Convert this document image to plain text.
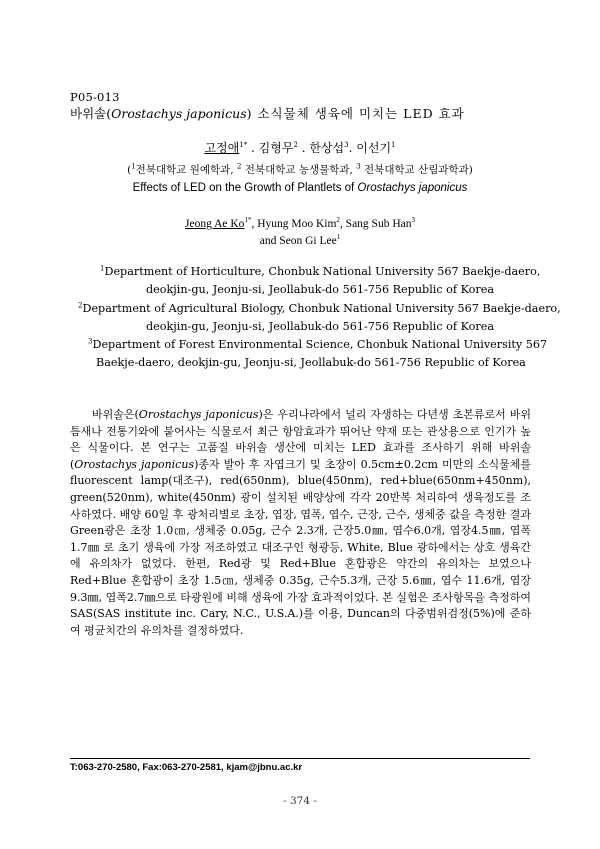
P05-013
바위솔(Orostachys japonicus) 소식물체 생육에 미치는 LED 효과
고정애$^{1*}$ . 김형무$^2$ . 한상섭$^3$. 이선기$^1$
($^1$전북대학교 원예학과, $^2$ 전북대학교 농생물학과, $^3$ 전북대학교 산림과학과)
Effects of LED on the Growth of Plantlets of Orostachys japonicus
Jeong Ae $Ko^{1*}$, Hyung Moo Kim$^2$, Sang Sub Han$^3$
and Seon Gi Lee$^1$
$^1$Department of Horticulture, Chonbuk National University 567 Baekje-daero,
deokjin-gu, Jeonju-si, Jeollabuk-do 561-756 Republic of Korea
$^2$Department of Agricultural Biology, Chonbuk National University 567 Baekje-daero,
deokjin-gu, Jeonju-si, Jeollabuk-do 561-756 Republic of Korea
$^3$Department of Forest Environmental Science, Chonbuk National University 567
Baekje-daero, deokjin-gu, Jeonju-si, Jeollabuk-do 561-756 Republic of Korea

바위솔은(Orostachys japonicus)은 우리나라에서 널리 자생하는 다년생 초본류로서 바위틈새나 전통기와에 붙어사는 식물로서 최근 항암효과가 뛰어난 약재 또는 관상용으로 인기가 높은 식물이다. 본 연구는 고품질 바위솔 생산에 미치는 LED 효과를 조사하기 위해 바위솔(Orostachys japonicus)종자 발아 후 자엽크기 및 초장이 0.5cm±0.2cm 미만의 소식물체를 fluorescent lamp(대조구), red(650nm), blue(450nm), red+blue(650nm+450nm), green(520nm), white(450nm) 광이 설치된 배양상에 각각 20반복 처리하여 생육정도를 조사하였다. 배양 60일 후 광처리별로 초장, 엽장, 엽폭, 엽수, 근장, 근수, 생체중 값을 측정한 결과 Green광은 초장 1.0㎝, 생체중 0.05g, 근수 2.3개, 근장5.0㎜, 엽수6.0개, 엽장4.5㎜, 엽폭1.7㎜ 로 초기 생육에 가장 저조하였고 대조구인 형광등, White, Blue 광하에서는 상호 생육간에 유의차가 없었다. 한편, Red광 및 Red+Blue 혼합광은 약간의 유의차는 보였으나 Red+Blue 혼합광이 초장 1.5㎝, 생체중 0.35g, 근수5.3개, 근장 5.6㎜, 엽수 11.6개, 엽장 9.3㎜, 엽폭2.7㎜으로 타광원에 비해 생육에 가장 효과적이었다. 본 실험은 조사항목을 측정하여 SAS(SAS institute inc. Cary, N.C., U.S.A.)를 이용, Duncan의 다중범위검정(5%)에 준하여 평균치간의 유의차를 결정하였다.

T:063-270-2580, Fax:063-270-2581, kjam@jbnu.ac.kr
- 374 -
